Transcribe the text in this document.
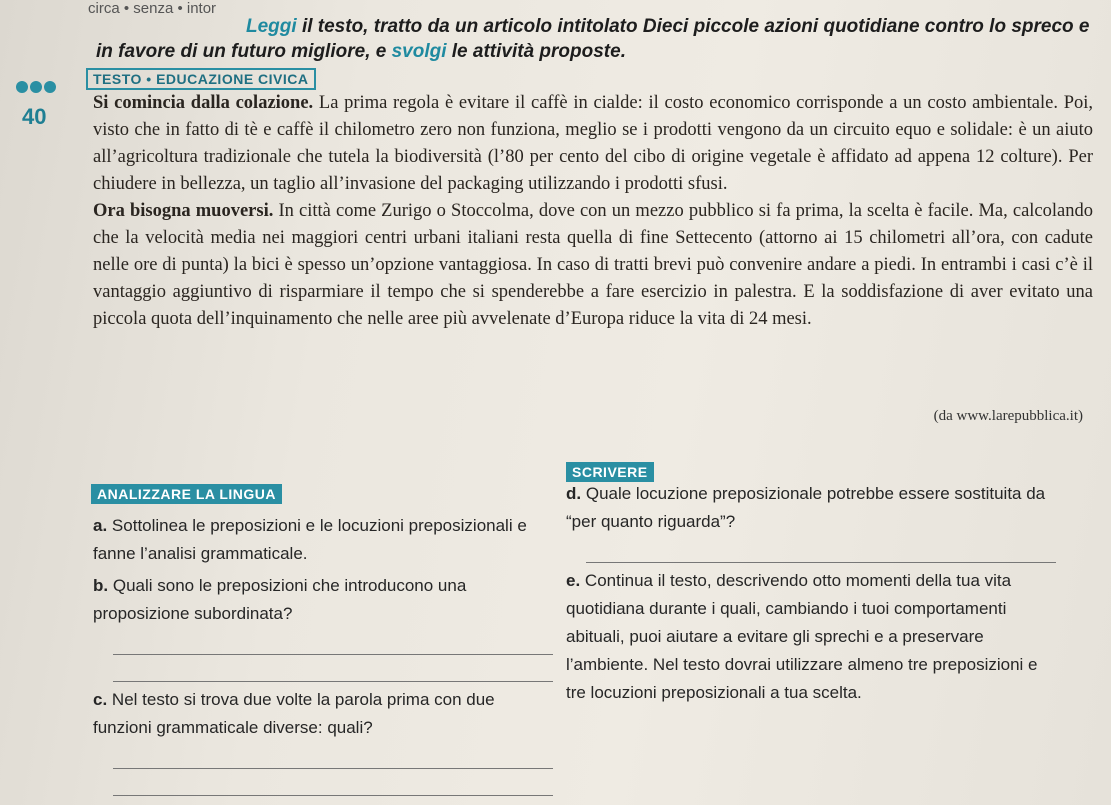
circa • senza • intor
40
Leggi il testo, tratto da un articolo intitolato Dieci piccole azioni quotidiane contro lo spreco e in favore di un futuro migliore, e svolgi le attività proposte.
TESTO • EDUCAZIONE CIVICA

Si comincia dalla colazione. La prima regola è evitare il caffè in cialde: il costo economico corrisponde a un costo ambientale. Poi, visto che in fatto di tè e caffè il chilometro zero non funziona, meglio se i prodotti vengono da un circuito equo e solidale: è un aiuto all’agricoltura tradizionale che tutela la biodiversità (l’80 per cento del cibo di origine vegetale è affidato ad appena 12 colture). Per chiudere in bellezza, un taglio all’invasione del packaging utilizzando i prodotti sfusi.

Ora bisogna muoversi. In città come Zurigo o Stoccolma, dove con un mezzo pubblico si fa prima, la scelta è facile. Ma, calcolando che la velocità media nei maggiori centri urbani italiani resta quella di fine Settecento (attorno ai 15 chilometri all’ora, con cadute nelle ore di punta) la bici è spesso un’opzione vantaggiosa. In caso di tratti brevi può convenire andare a piedi. In entrambi i casi c’è il vantaggio aggiuntivo di risparmiare il tempo che si spenderebbe a fare esercizio in palestra. E la soddisfazione di aver evitato una piccola quota dell’inquinamento che nelle aree più avvelenate d’Europa riduce la vita di 24 mesi.

(da www.larepubblica.it)
SCRIVERE
ANALIZZARE LA LINGUA
a. Sottolinea le preposizioni e le locuzioni preposizionali e fanne l’analisi grammaticale.
b. Quali sono le preposizioni che introducono una proposizione subordinata?
c. Nel testo si trova due volte la parola prima con due funzioni grammaticale diverse: quali?
d. Quale locuzione preposizionale potrebbe essere sostituita da “per quanto riguarda”?
e. Continua il testo, descrivendo otto momenti della tua vita quotidiana durante i quali, cambiando i tuoi comportamenti abituali, puoi aiutare a evitare gli sprechi e a preservare l’ambiente. Nel testo dovrai utilizzare almeno tre preposizioni e tre locuzioni preposizionali a tua scelta.
